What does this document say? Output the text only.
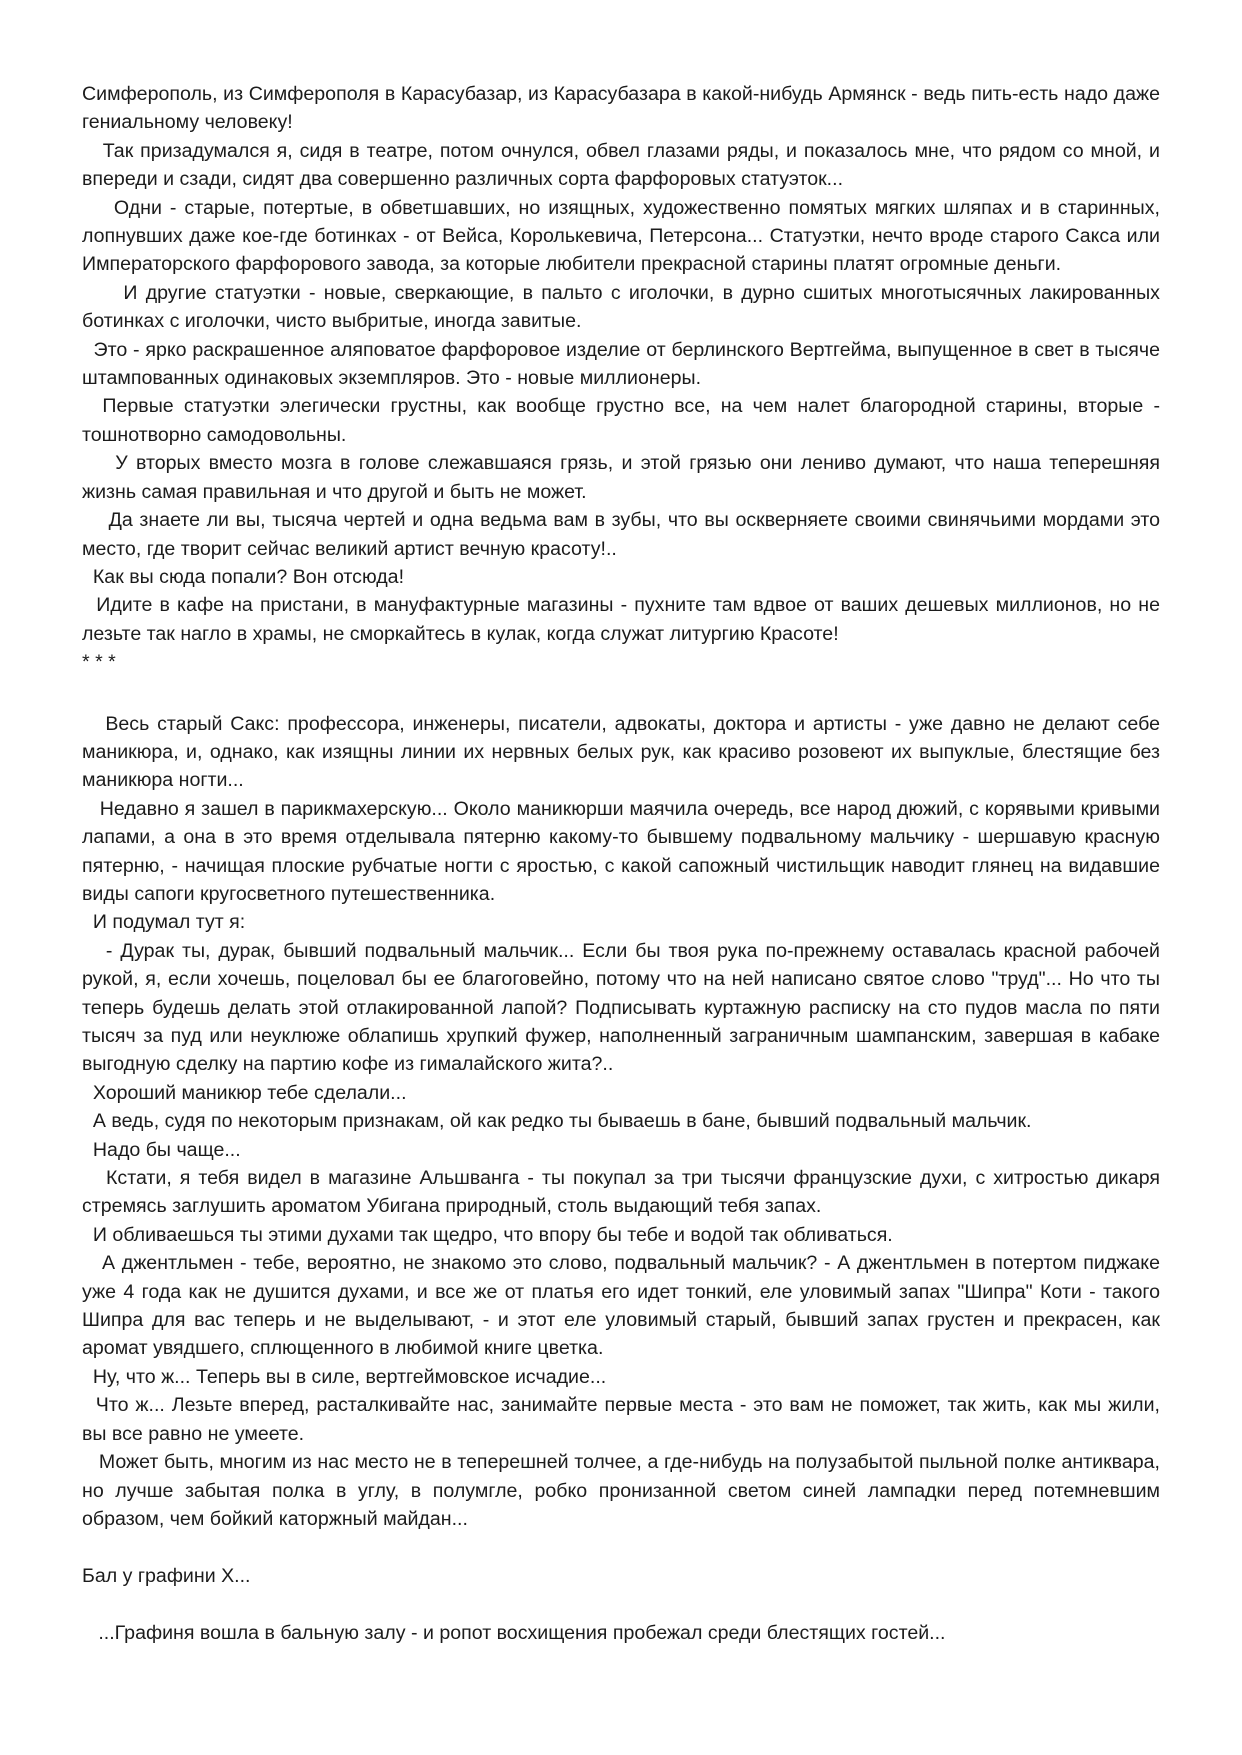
Симферополь, из Симферополя в Карасубазар, из Карасубазара в какой-нибудь Армянск - ведь пить-есть надо даже гениальному человеку!

Так призадумался я, сидя в театре, потом очнулся, обвел глазами ряды, и показалось мне, что рядом со мной, и впереди и сзади, сидят два совершенно различных сорта фарфоровых статуэток...

Одни - старые, потертые, в обветшавших, но изящных, художественно помятых мягких шляпах и в старинных, лопнувших даже кое-где ботинках - от Вейса, Королькевича, Петерсона... Статуэтки, нечто вроде старого Сакса или Императорского фарфорового завода, за которые любители прекрасной старины платят огромные деньги.

И другие статуэтки - новые, сверкающие, в пальто с иголочки, в дурно сшитых многотысячных лакированных ботинках с иголочки, чисто выбритые, иногда завитые.

Это - ярко раскрашенное аляповатое фарфоровое изделие от берлинского Вертгейма, выпущенное в свет в тысяче штампованных одинаковых экземпляров. Это - новые миллионеры.

Первые статуэтки элегически грустны, как вообще грустно все, на чем налет благородной старины, вторые - тошнотворно самодовольны.

У вторых вместо мозга в голове слежавшаяся грязь, и этой грязью они лениво думают, что наша теперешняя жизнь самая правильная и что другой и быть не может.

Да знаете ли вы, тысяча чертей и одна ведьма вам в зубы, что вы оскверняете своими свинячьими мордами это место, где творит сейчас великий артист вечную красоту!..

Как вы сюда попали? Вон отсюда!

Идите в кафе на пристани, в мануфактурные магазины - пухните там вдвое от ваших дешевых миллионов, но не лезьте так нагло в храмы, не сморкайтесь в кулак, когда служат литургию Красоте!

* * *

Весь старый Сакс: профессора, инженеры, писатели, адвокаты, доктора и артисты - уже давно не делают себе маникюра, и, однако, как изящны линии их нервных белых рук, как красиво розовеют их выпуклые, блестящие без маникюра ногти...

Недавно я зашел в парикмахерскую... Около маникюрши маячила очередь, все народ дюжий, с корявыми кривыми лапами, а она в это время отделывала пятерню какому-то бывшему подвальному мальчику - шершавую красную пятерню, - начищая плоские рубчатые ногти с яростью, с какой сапожный чистильщик наводит глянец на видавшие виды сапоги кругосветного путешественника.

И подумал тут я:

- Дурак ты, дурак, бывший подвальный мальчик... Если бы твоя рука по-прежнему оставалась красной рабочей рукой, я, если хочешь, поцеловал бы ее благоговейно, потому что на ней написано святое слово "труд"... Но что ты теперь будешь делать этой отлакированной лапой? Подписывать куртажную расписку на сто пудов масла по пяти тысяч за пуд или неуклюже облапишь хрупкий фужер, наполненный заграничным шампанским, завершая в кабаке выгодную сделку на партию кофе из гималайского жита?..

Хороший маникюр тебе сделали...

А ведь, судя по некоторым признакам, ой как редко ты бываешь в бане, бывший подвальный мальчик.

Надо бы чаще...

Кстати, я тебя видел в магазине Альшванга - ты покупал за три тысячи французские духи, с хитростью дикаря стремясь заглушить ароматом Убигана природный, столь выдающий тебя запах.

И обливаешься ты этими духами так щедро, что впору бы тебе и водой так обливаться.

А джентльмен - тебе, вероятно, не знакомо это слово, подвальный мальчик? - А джентльмен в потертом пиджаке уже 4 года как не душится духами, и все же от платья его идет тонкий, еле уловимый запах "Шипра" Коти - такого Шипра для вас теперь и не выделывают, - и этот еле уловимый старый, бывший запах грустен и прекрасен, как аромат увядшего, сплющенного в любимой книге цветка.

Ну, что ж... Теперь вы в силе, вертгеймовское исчадие...

Что ж... Лезьте вперед, расталкивайте нас, занимайте первые места - это вам не поможет, так жить, как мы жили, вы все равно не умеете.

Может быть, многим из нас место не в теперешней толчее, а где-нибудь на полузабытой пыльной полке антиквара, но лучше забытая полка в углу, в полумгле, робко пронизанной светом синей лампадки перед потемневшим образом, чем бойкий каторжный майдан...

Бал у графини Х...

...Графиня вошла в бальную залу - и ропот восхищения пробежал среди блестящих гостей...
